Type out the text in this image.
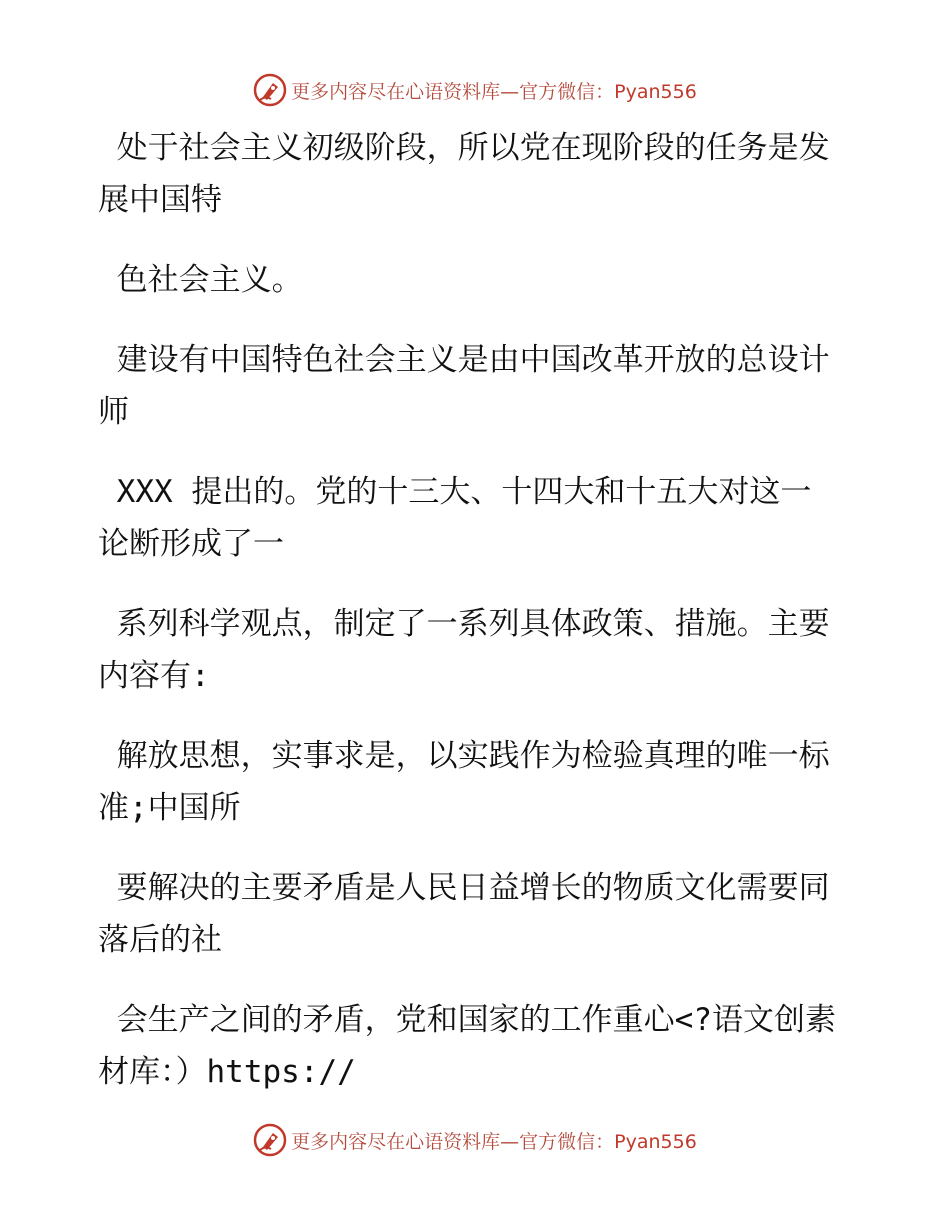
更多内容尽在心语资料库—官方微信：Pyan556

处于社会主义初级阶段，所以党在现阶段的任务是发展中国特

色社会主义。

建设有中国特色社会主义是由中国改革开放的总设计师

XXX 提出的。党的十三大、十四大和十五大对这一论断形成了一

系列科学观点，制定了一系列具体政策、措施。主要内容有:

解放思想，实事求是，以实践作为检验真理的唯一标准;中国所

要解决的主要矛盾是人民日益增长的物质文化需要同落后的社

会生产之间的矛盾，党和国家的工作重心<?语文创素材库：）https://

更多内容尽在心语资料库—官方微信：Pyan556
